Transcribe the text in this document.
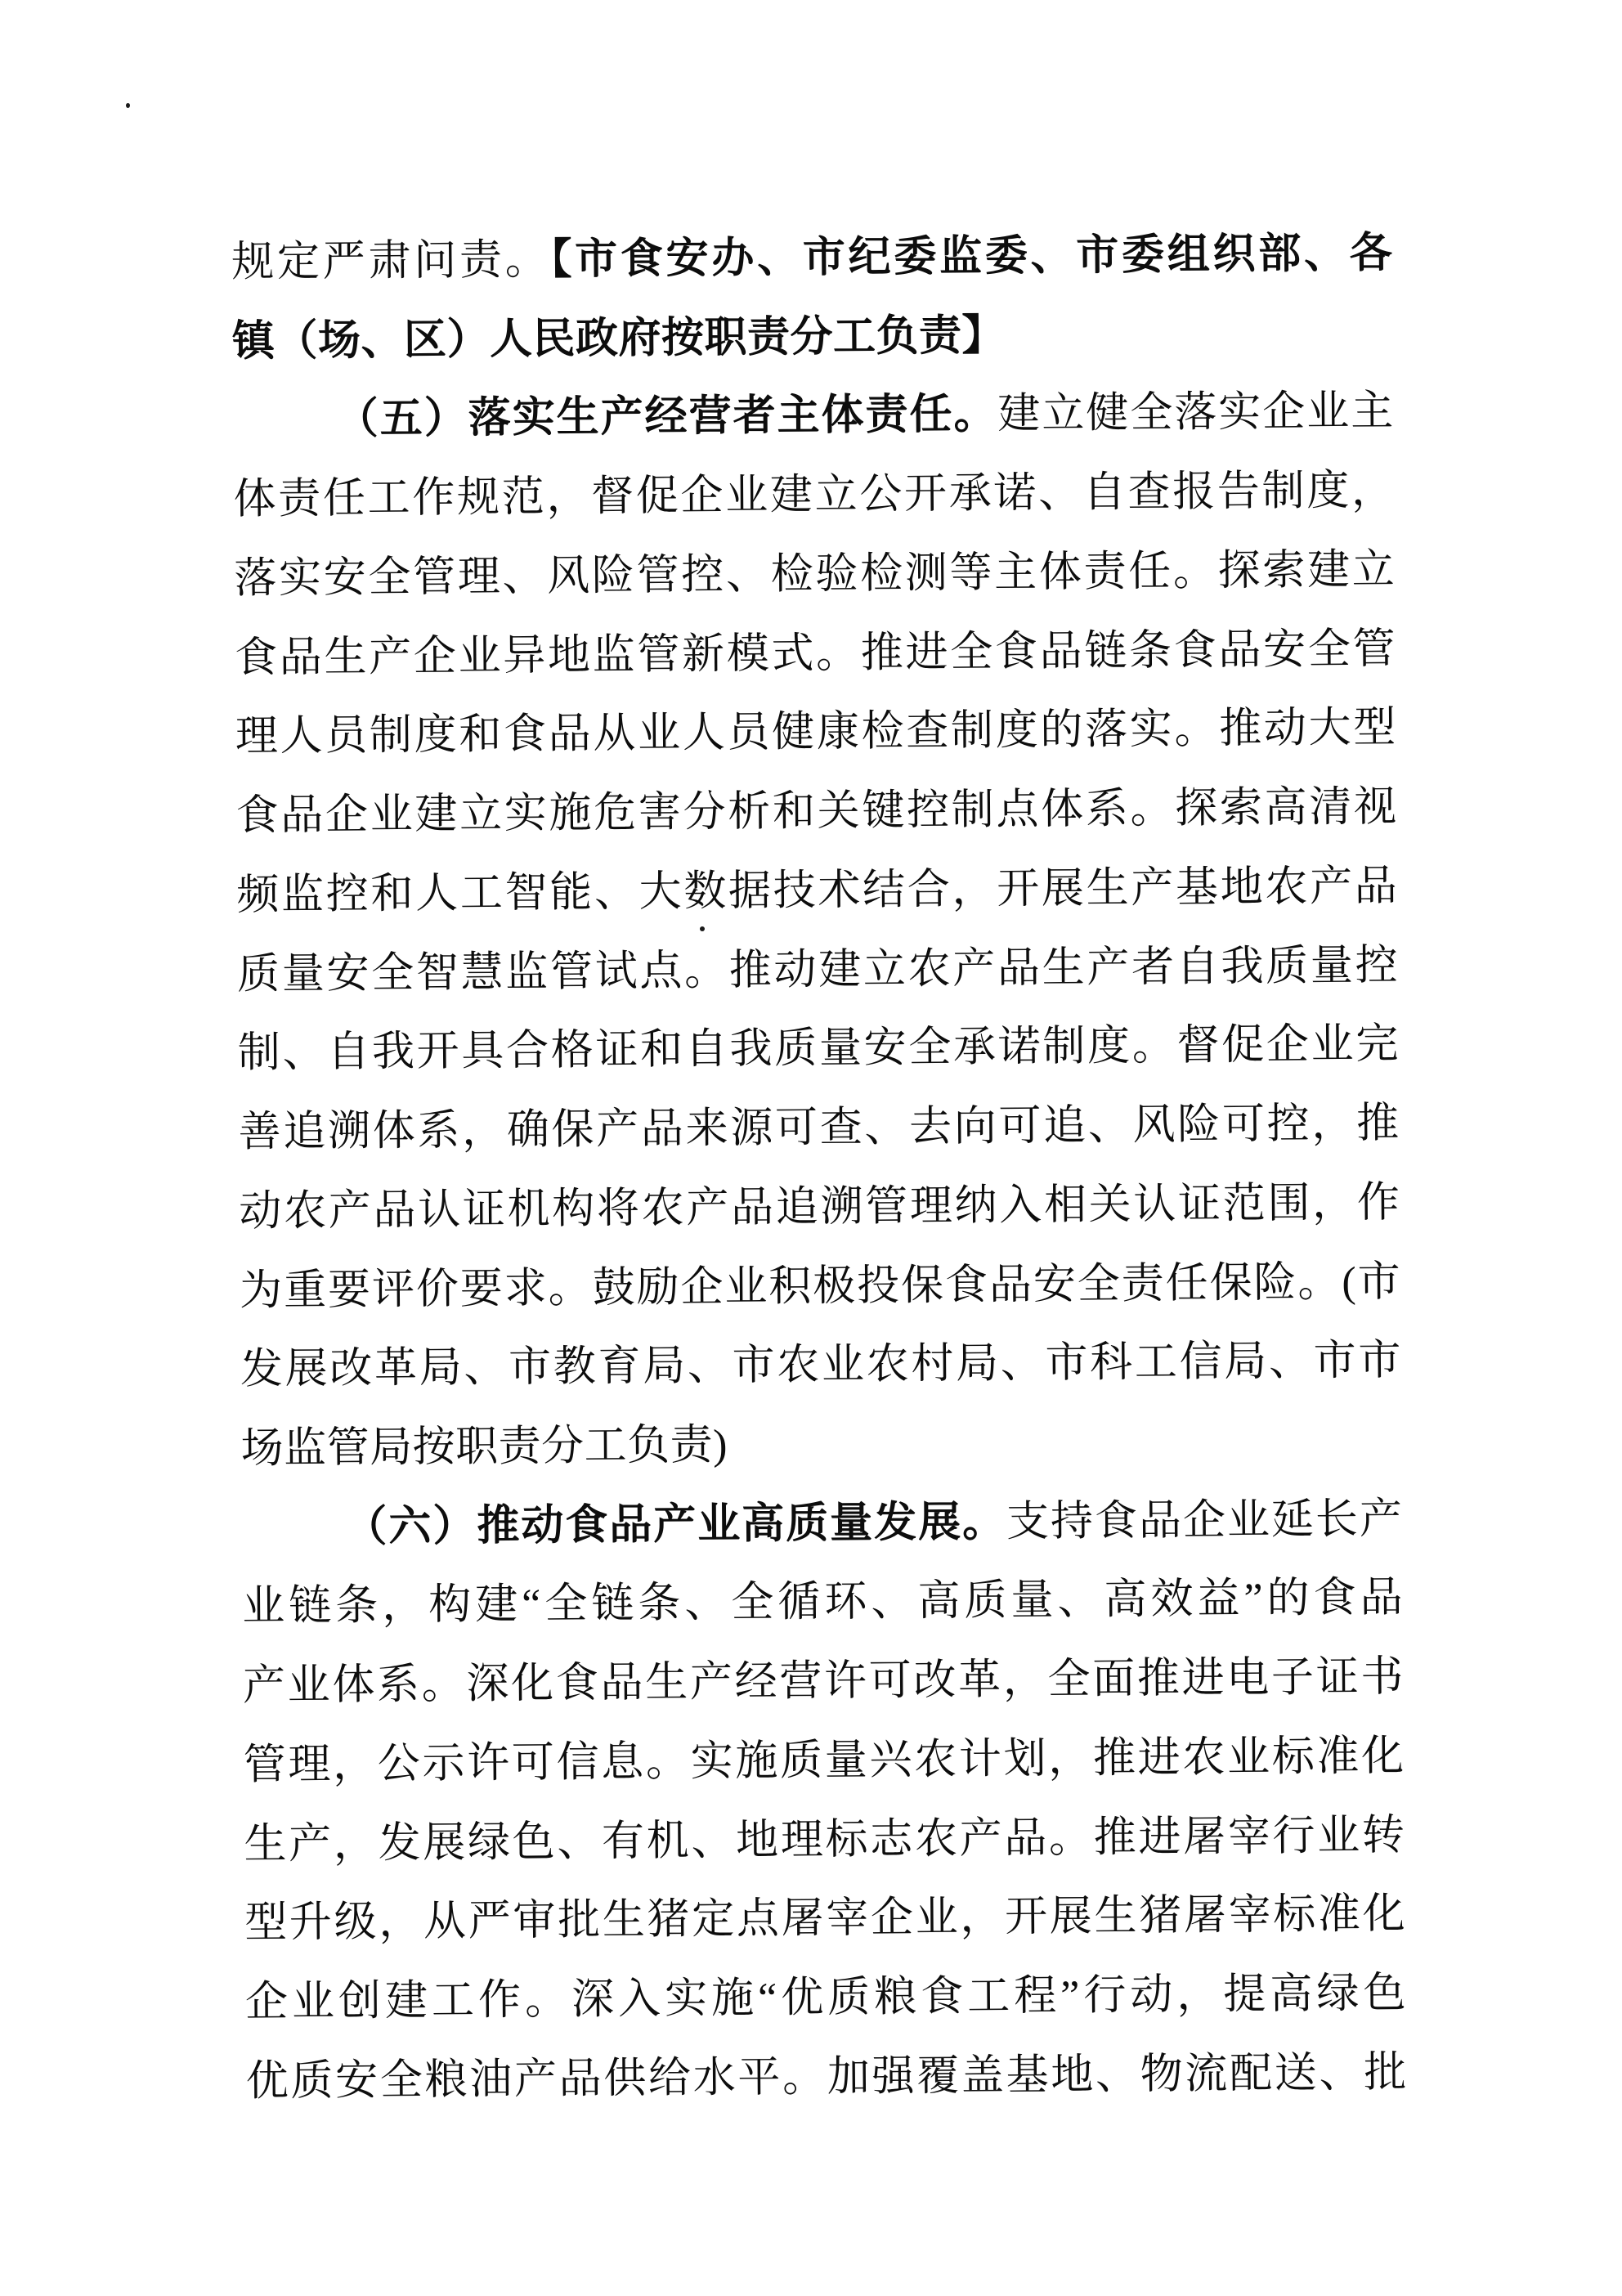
规定严肃问责。【市食安办、市纪委监委、市委组织部、各
镇（场、区）人民政府按职责分工负责】
（五）落实生产经营者主体责任。建立健全落实企业主
体责任工作规范，督促企业建立公开承诺、自查报告制度，
落实安全管理、风险管控、检验检测等主体责任。探索建立
食品生产企业异地监管新模式。推进全食品链条食品安全管
理人员制度和食品从业人员健康检查制度的落实。推动大型
食品企业建立实施危害分析和关键控制点体系。探索高清视
频监控和人工智能、大数据技术结合，开展生产基地农产品
质量安全智慧监管试点。推动建立农产品生产者自我质量控
制、自我开具合格证和自我质量安全承诺制度。督促企业完
善追溯体系，确保产品来源可查、去向可追、风险可控，推
动农产品认证机构将农产品追溯管理纳入相关认证范围，作
为重要评价要求。鼓励企业积极投保食品安全责任保险。(市
发展改革局、市教育局、市农业农村局、市科工信局、市市
场监管局按职责分工负责)
（六）推动食品产业高质量发展。支持食品企业延长产
业链条，构建“全链条、全循环、高质量、高效益”的食品
产业体系。深化食品生产经营许可改革，全面推进电子证书
管理，公示许可信息。实施质量兴农计划，推进农业标准化
生产，发展绿色、有机、地理标志农产品。推进屠宰行业转
型升级，从严审批生猪定点屠宰企业，开展生猪屠宰标准化
企业创建工作。深入实施“优质粮食工程”行动，提高绿色
优质安全粮油产品供给水平。加强覆盖基地、物流配送、批
